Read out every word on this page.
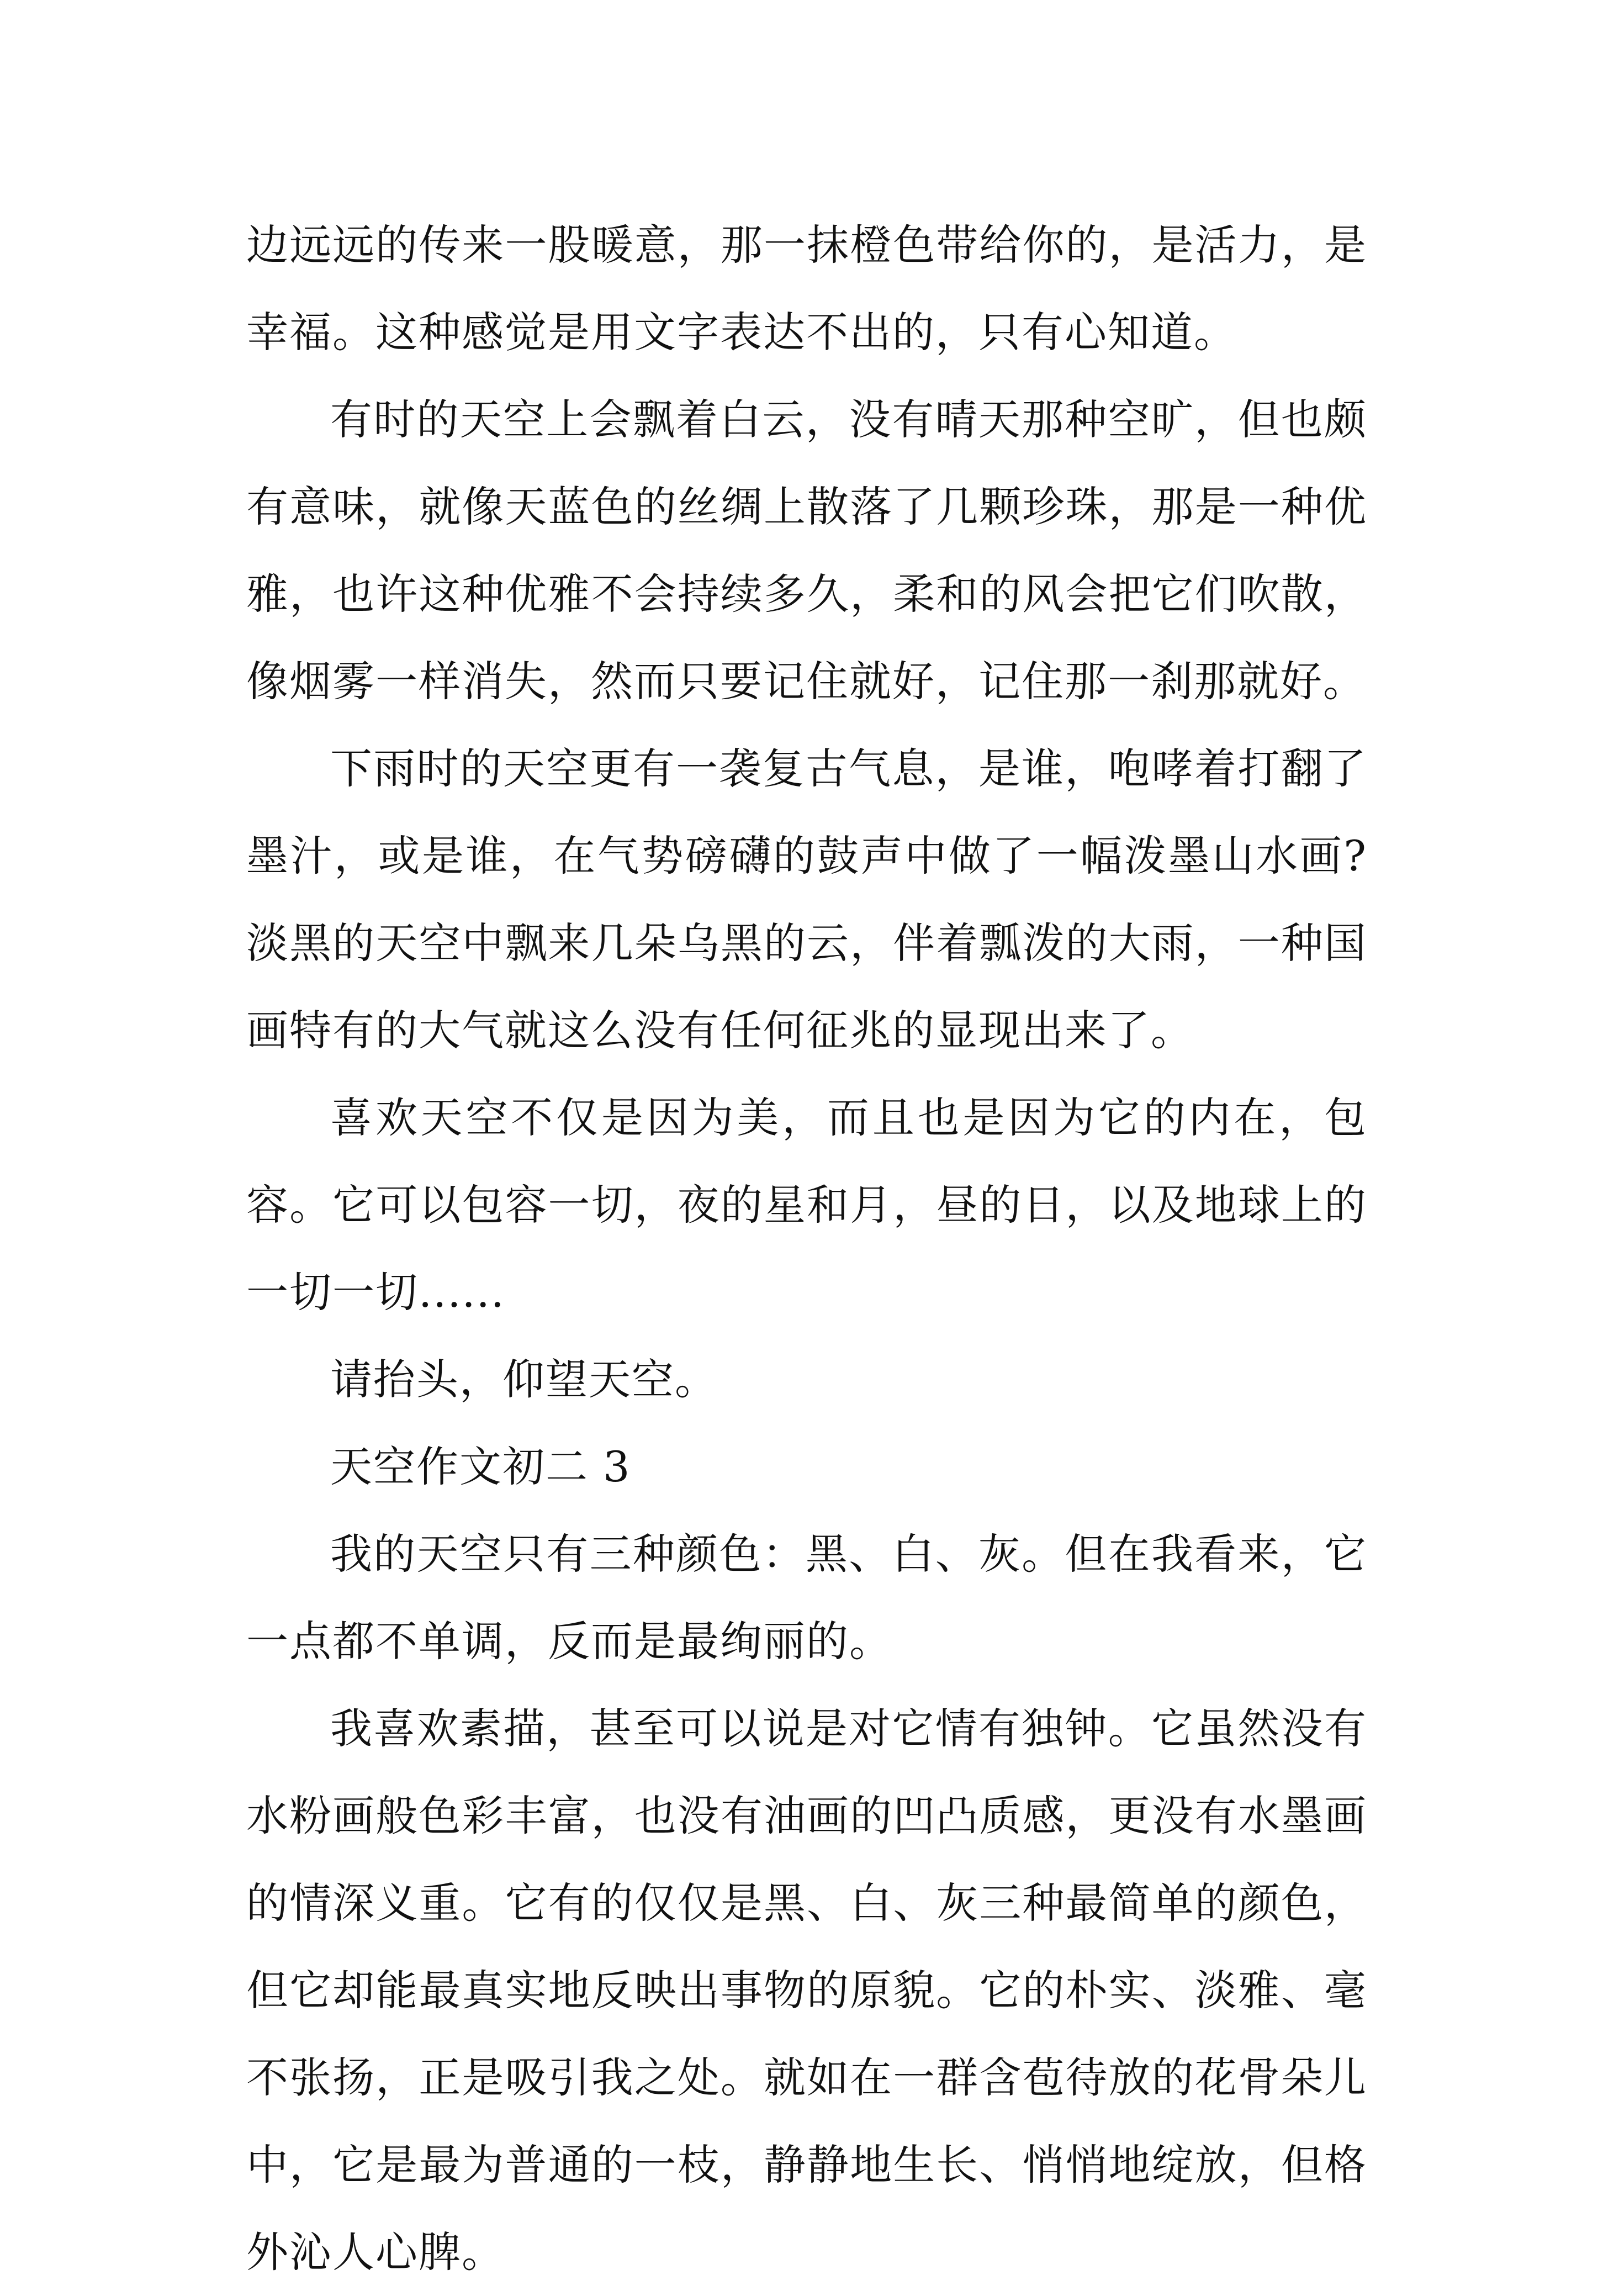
边远远的传来一股暖意，那一抹橙色带给你的，是活力，是幸福。这种感觉是用文字表达不出的，只有心知道。

有时的天空上会飘着白云，没有晴天那种空旷，但也颇有意味，就像天蓝色的丝绸上散落了几颗珍珠，那是一种优雅，也许这种优雅不会持续多久，柔和的风会把它们吹散，像烟雾一样消失，然而只要记住就好，记住那一刹那就好。

下雨时的天空更有一袭复古气息，是谁，咆哮着打翻了墨汁，或是谁，在气势磅礴的鼓声中做了一幅泼墨山水画?淡黑的天空中飘来几朵乌黑的云，伴着瓢泼的大雨，一种国画特有的大气就这么没有任何征兆的显现出来了。

喜欢天空不仅是因为美，而且也是因为它的内在，包容。它可以包容一切，夜的星和月，昼的日，以及地球上的一切一切......

请抬头，仰望天空。

天空作文初二 3

我的天空只有三种颜色：黑、白、灰。但在我看来，它一点都不单调，反而是最绚丽的。

我喜欢素描，甚至可以说是对它情有独钟。它虽然没有水粉画般色彩丰富，也没有油画的凹凸质感，更没有水墨画的情深义重。它有的仅仅是黑、白、灰三种最简单的颜色，但它却能最真实地反映出事物的原貌。它的朴实、淡雅、毫不张扬，正是吸引我之处。就如在一群含苞待放的花骨朵儿中，它是最为普通的一枝，静静地生长、悄悄地绽放，但格外沁人心脾。
